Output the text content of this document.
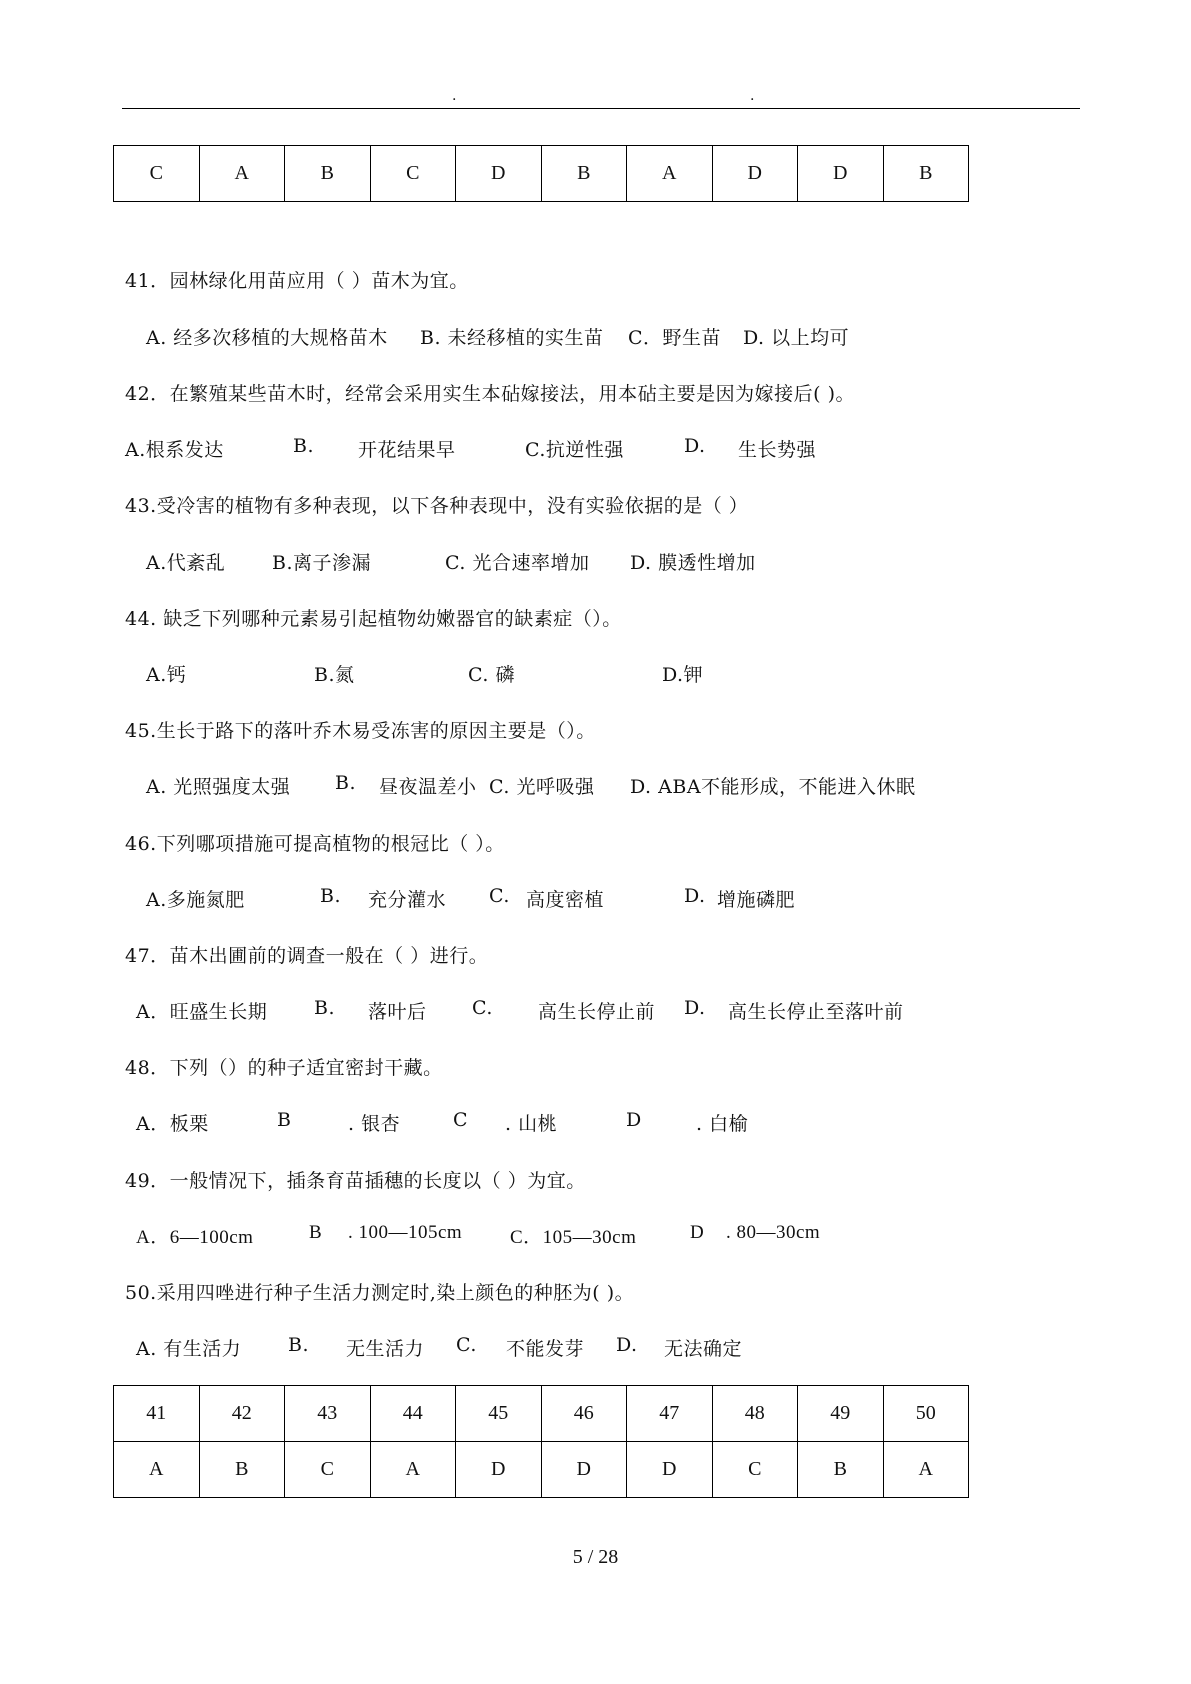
.	.
C	A	B	C	D	B	A	D	D	B
41．园林绿化用苗应用（ ）苗木为宜。
A. 经多次移植的大规格苗木 B. 未经移植的实生苗 C．野生苗 D. 以上均可
42．在繁殖某些苗木时，经常会采用实生本砧嫁接法，用本砧主要是因为嫁接后( )。
A.根系发达	B. 开花结果早	C.抗逆性强	D. 生长势强
43.受冷害的植物有多种表现，以下各种表现中，没有实验依据的是（ ）
A.代紊乱 B.离子渗漏	C. 光合速率增加 D. 膜透性增加
44. 缺乏下列哪种元素易引起植物幼嫩器官的缺素症（）。
A.钙	B.氮	C. 磷	D.钾
45.生长于路下的落叶乔木易受冻害的原因主要是（）。
A. 光照强度太强 B. 昼夜温差小 C. 光呼吸强 D. ABA不能形成，不能进入休眠
46.下列哪项措施可提高植物的根冠比（ ）。
A.多施氮肥	B. 充分灌水 C. 高度密植	D. 增施磷肥
47．苗木出圃前的调查一般在（ ）进行。
A．旺盛生长期 B. 落叶后 C. 高生长停止前 D. 高生长停止至落叶前
48．下列（）的种子适宜密封干藏。
A．板栗	B	. 银杏	C . 山桃	D	. 白榆
49．一般情况下，插条育苗插穗的长度以（ ）为宜。
A．6—100cm	B . 100—105cm	C．105—30cm	D . 80—30cm
50.采用四唑进行种子生活力测定时,染上颜色的种胚为( )。
A. 有生活力 B. 无生活力 C. 不能发芽 D. 无法确定
41	42	43	44	45	46	47	48	49	50
A	B	C	A	D	D	D	C	B	A
5 / 28
